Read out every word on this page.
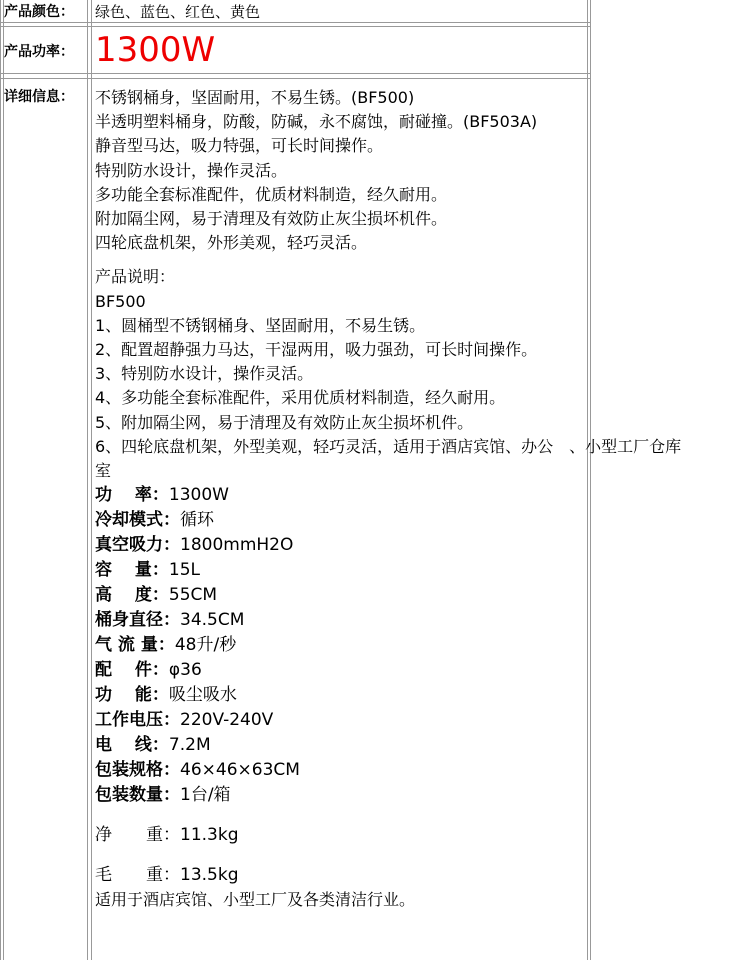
产品颜色： 绿色、蓝色、红色、黄色
产品功率： 1300W
详细信息： 不锈钢桶身，坚固耐用，不易生锈。(BF500)
半透明塑料桶身，防酸，防碱，永不腐蚀，耐碰撞。(BF503A)
静音型马达，吸力特强，可长时间操作。
特别防水设计，操作灵活。
多功能全套标准配件，优质材料制造，经久耐用。
附加隔尘网，易于清理及有效防止灰尘损坏机件。
四轮底盘机架，外形美观，轻巧灵活。
产品说明：
BF500
1、圆桶型不锈钢桶身、坚固耐用，不易生锈。
2、配置超静强力马达，干湿两用，吸力强劲，可长时间操作。
3、特别防水设计，操作灵活。
4、多功能全套标准配件，采用优质材料制造，经久耐用。
5、附加隔尘网，易于清理及有效防止灰尘损坏机件。
6、四轮底盘机架，外型美观，轻巧灵活，适用于酒店宾馆、办公　、小型工厂仓库
室
功　 率：1300W
冷却模式：循环
真空吸力：1800mmH2O
容　 量：15L
高　 度：55CM
桶身直径：34.5CM
气 流 量：48升/秒
配　 件：φ36
功　 能：吸尘吸水
工作电压：220V-240V
电　 线：7.2M
包装规格：46×46×63CM
包装数量：1台/箱
净　　重：11.3kg
毛　　重：13.5kg
适用于酒店宾馆、小型工厂及各类清洁行业。
